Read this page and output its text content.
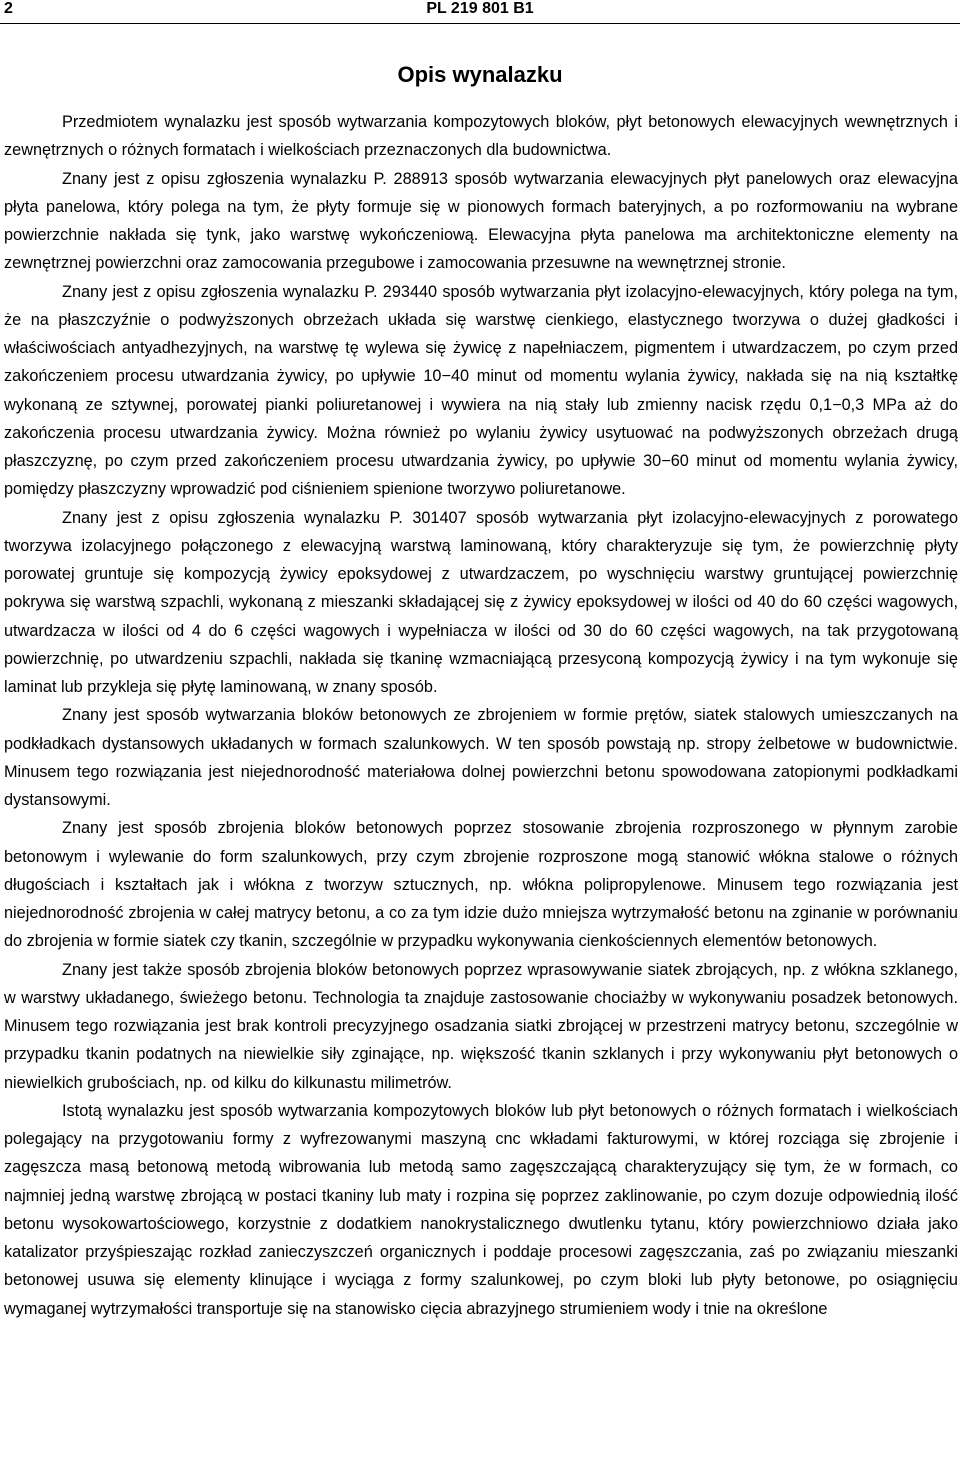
2	PL 219 801 B1
Opis wynalazku

Przedmiotem wynalazku jest sposób wytwarzania kompozytowych bloków, płyt betonowych elewacyjnych wewnętrznych i zewnętrznych o różnych formatach i wielkościach przeznaczonych dla budownictwa.

Znany jest z opisu zgłoszenia wynalazku P. 288913 sposób wytwarzania elewacyjnych płyt panelowych oraz elewacyjna płyta panelowa, który polega na tym, że płyty formuje się w pionowych formach bateryjnych, a po rozformowaniu na wybrane powierzchnie nakłada się tynk, jako warstwę wykończeniową. Elewacyjna płyta panelowa ma architektoniczne elementy na zewnętrznej powierzchni oraz zamocowania przegubowe i zamocowania przesuwne na wewnętrznej stronie.

Znany jest z opisu zgłoszenia wynalazku P. 293440 sposób wytwarzania płyt izolacyjno-elewacyjnych, który polega na tym, że na płaszczyźnie o podwyższonych obrzeżach układa się warstwę cienkiego, elastycznego tworzywa o dużej gładkości i właściwościach antyadhezyjnych, na warstwę tę wylewa się żywicę z napełniaczem, pigmentem i utwardzaczem, po czym przed zakończeniem procesu utwardzania żywicy, po upływie 10−40 minut od momentu wylania żywicy, nakłada się na nią kształtkę wykonaną ze sztywnej, porowatej pianki poliuretanowej i wywiera na nią stały lub zmienny nacisk rzędu 0,1−0,3 MPa aż do zakończenia procesu utwardzania żywicy. Można również po wylaniu żywicy usytuować na podwyższonych obrzeżach drugą płaszczyznę, po czym przed zakończeniem procesu utwardzania żywicy, po upływie 30−60 minut od momentu wylania żywicy, pomiędzy płaszczyzny wprowadzić pod ciśnieniem spienione tworzywo poliuretanowe.

Znany jest z opisu zgłoszenia wynalazku P. 301407 sposób wytwarzania płyt izolacyjno-elewacyjnych z porowatego tworzywa izolacyjnego połączonego z elewacyjną warstwą laminowaną, który charakteryzuje się tym, że powierzchnię płyty porowatej gruntuje się kompozycją żywicy epoksydowej z utwardzaczem, po wyschnięciu warstwy gruntującej powierzchnię pokrywa się warstwą szpachli, wykonaną z mieszanki składającej się z żywicy epoksydowej w ilości od 40 do 60 części wagowych, utwardzacza w ilości od 4 do 6 części wagowych i wypełniacza w ilości od 30 do 60 części wagowych, na tak przygotowaną powierzchnię, po utwardzeniu szpachli, nakłada się tkaninę wzmacniającą przesyconą kompozycją żywicy i na tym wykonuje się laminat lub przykleja się płytę laminowaną, w znany sposób.

Znany jest sposób wytwarzania bloków betonowych ze zbrojeniem w formie prętów, siatek stalowych umieszczanych na podkładkach dystansowych układanych w formach szalunkowych. W ten sposób powstają np. stropy żelbetowe w budownictwie. Minusem tego rozwiązania jest niejednorodność materiałowa dolnej powierzchni betonu spowodowana zatopionymi podkładkami dystansowymi.

Znany jest sposób zbrojenia bloków betonowych poprzez stosowanie zbrojenia rozproszonego w płynnym zarobie betonowym i wylewanie do form szalunkowych, przy czym zbrojenie rozproszone mogą stanowić włókna stalowe o różnych długościach i kształtach jak i włókna z tworzyw sztucznych, np. włókna polipropylenowe. Minusem tego rozwiązania jest niejednorodność zbrojenia w całej matrycy betonu, a co za tym idzie dużo mniejsza wytrzymałość betonu na zginanie w porównaniu do zbrojenia w formie siatek czy tkanin, szczególnie w przypadku wykonywania cienkościennych elementów betonowych.

Znany jest także sposób zbrojenia bloków betonowych poprzez wprasowywanie siatek zbrojących, np. z włókna szklanego, w warstwy układanego, świeżego betonu. Technologia ta znajduje zastosowanie chociażby w wykonywaniu posadzek betonowych. Minusem tego rozwiązania jest brak kontroli precyzyjnego osadzania siatki zbrojącej w przestrzeni matrycy betonu, szczególnie w przypadku tkanin podatnych na niewielkie siły zginające, np. większość tkanin szklanych i przy wykonywaniu płyt betonowych o niewielkich grubościach, np. od kilku do kilkunastu milimetrów.

Istotą wynalazku jest sposób wytwarzania kompozytowych bloków lub płyt betonowych o różnych formatach i wielkościach polegający na przygotowaniu formy z wyfrezowanymi maszyną cnc wkładami fakturowymi, w której rozciąga się zbrojenie i zagęszcza masą betonową metodą wibrowania lub metodą samo zagęszczającą charakteryzujący się tym, że w formach, co najmniej jedną warstwę zbrojącą w postaci tkaniny lub maty i rozpina się poprzez zaklinowanie, po czym dozuje odpowiednią ilość betonu wysokowartościowego, korzystnie z dodatkiem nanokrystalicznego dwutlenku tytanu, który powierzchniowo działa jako katalizator przyśpieszając rozkład zanieczyszczeń organicznych i poddaje procesowi zagęszczania, zaś po związaniu mieszanki betonowej usuwa się elementy klinujące i wyciąga z formy szalunkowej, po czym bloki lub płyty betonowe, po osiągnięciu wymaganej wytrzymałości transportuje się na stanowisko cięcia abrazyjnego strumieniem wody i tnie na określone
